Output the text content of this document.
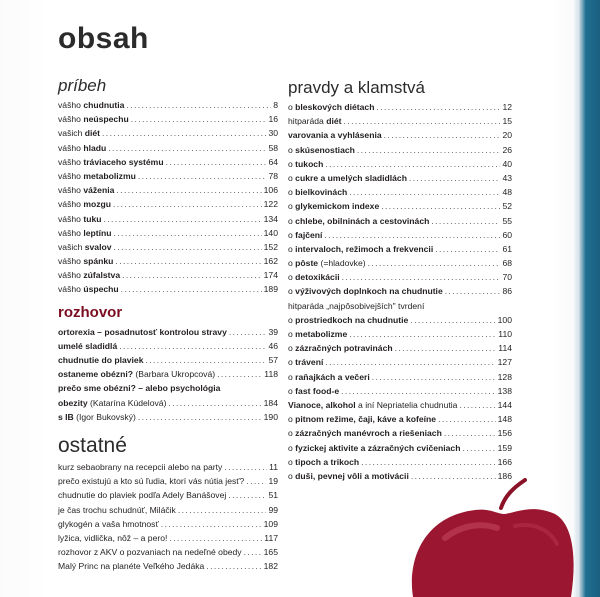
obsah
príbeh
vášho chudnutia . . .	8
vášho neúspechu . . .	16
vašich diét . . .	30
vášho hladu . . .	58
vášho tráviaceho systému . . .	64
vášho metabolizmu . . .	78
vášho váženia . . .	106
vášho mozgu . . .	122
vášho tuku . . .	134
vášho leptínu . . .	140
vašich svalov . . .	152
vášho spánku . . .	162
vášho zúfalstva . . .	174
vášho úspechu . . .	189
rozhovor
ortorexia – posadnutosť kontrolou stravy . . .	39
umelé sladidlá . . .	46
chudnutie do plaviek . . .	57
ostaneme obézni? (Barbara Ukropcová) . . .	118
prečo sme obézni? – alebo psychológia
obezity (Katarína Kúdelová) . . .	184
s IB (Igor Bukovský) . . .	190
ostatné
kurz sebaobrany na recepcii alebo na party . . .	11
prečo existujú a kto sú ľudia, ktorí vás nútia jesť? . . .	19
chudnutie do plaviek podľa Adely Banášovej . . .	51
je čas trochu schudnúť, Miláčik . . .	99
glykogén a vaša hmotnosť . . .	109
lyžica, vidlička, nôž – a pero! . . .	117
rozhovor z AKV o pozvaniach na nedeľné obedy . . .	165
Malý Princ na planéte Veľkého Jedáka . . .	182
pravdy a klamstvá
o bleskových diétach . . .	12
hitparáda diét . . .	15
varovania a vyhlásenia . . .	20
o skúsenostiach . . .	26
o tukoch . . .	40
o cukre a umelých sladidlách . . .	43
o bielkovinách . . .	48
o glykemickom indexe . . .	52
o chlebe, obilninách a cestovinách . . .	55
o fajčení . . .	60
o intervaloch, režimoch a frekvencii . . .	61
o pôste (=hladovke) . . .	68
o detoxikácii . . .	70
o výživových doplnkoch na chudnutie . . .	86
hitparáda „najpôsobivejších" tvrdení
o prostriedkoch na chudnutie . . .	100
o metabolizme . . .	110
o zázračných potravinách . . .	114
o trávení . . .	127
o raňajkách a večeri . . .	128
o fast food-e . . .	138
Vianoce, alkohol a iní Nepriatelia chudnutia . . .	144
o pitnom režime, čaji, káve a kofeíne . . .	148
o zázračných manévroch a riešeniach . . .	156
o fyzickej aktivite a zázračných cvičeniach . . .	159
o tipoch a trikoch . . .	166
o duši, pevnej vôli a motivácii . . .	186
